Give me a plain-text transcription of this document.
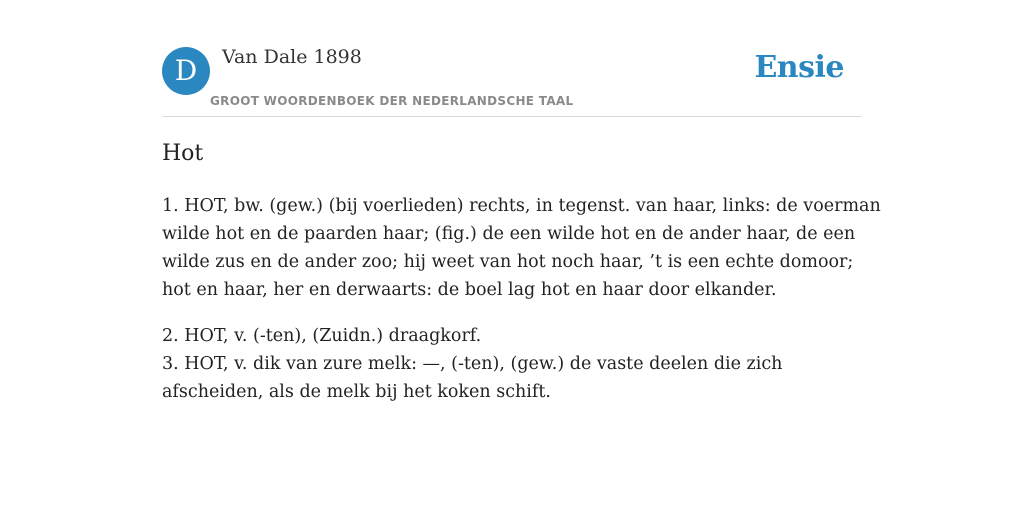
D	Van Dale 1898
GROOT WOORDENBOEK DER NEDERLANDSCHE TAAL
Ensie
Hot

1. HOT, bw. (gew.) (bij voerlieden) rechts, in tegenst. van haar, links: de voerman
wilde hot en de paarden haar; (fig.) de een wilde hot en de ander haar, de een
wilde zus en de ander zoo; hij weet van hot noch haar, ’t is een echte domoor;
hot en haar, her en derwaarts: de boel lag hot en haar door elkander.

2. HOT, v. (-ten), (Zuidn.) draagkorf.
3. HOT, v. dik van zure melk: —, (-ten), (gew.) de vaste deelen die zich
afscheiden, als de melk bij het koken schift.
